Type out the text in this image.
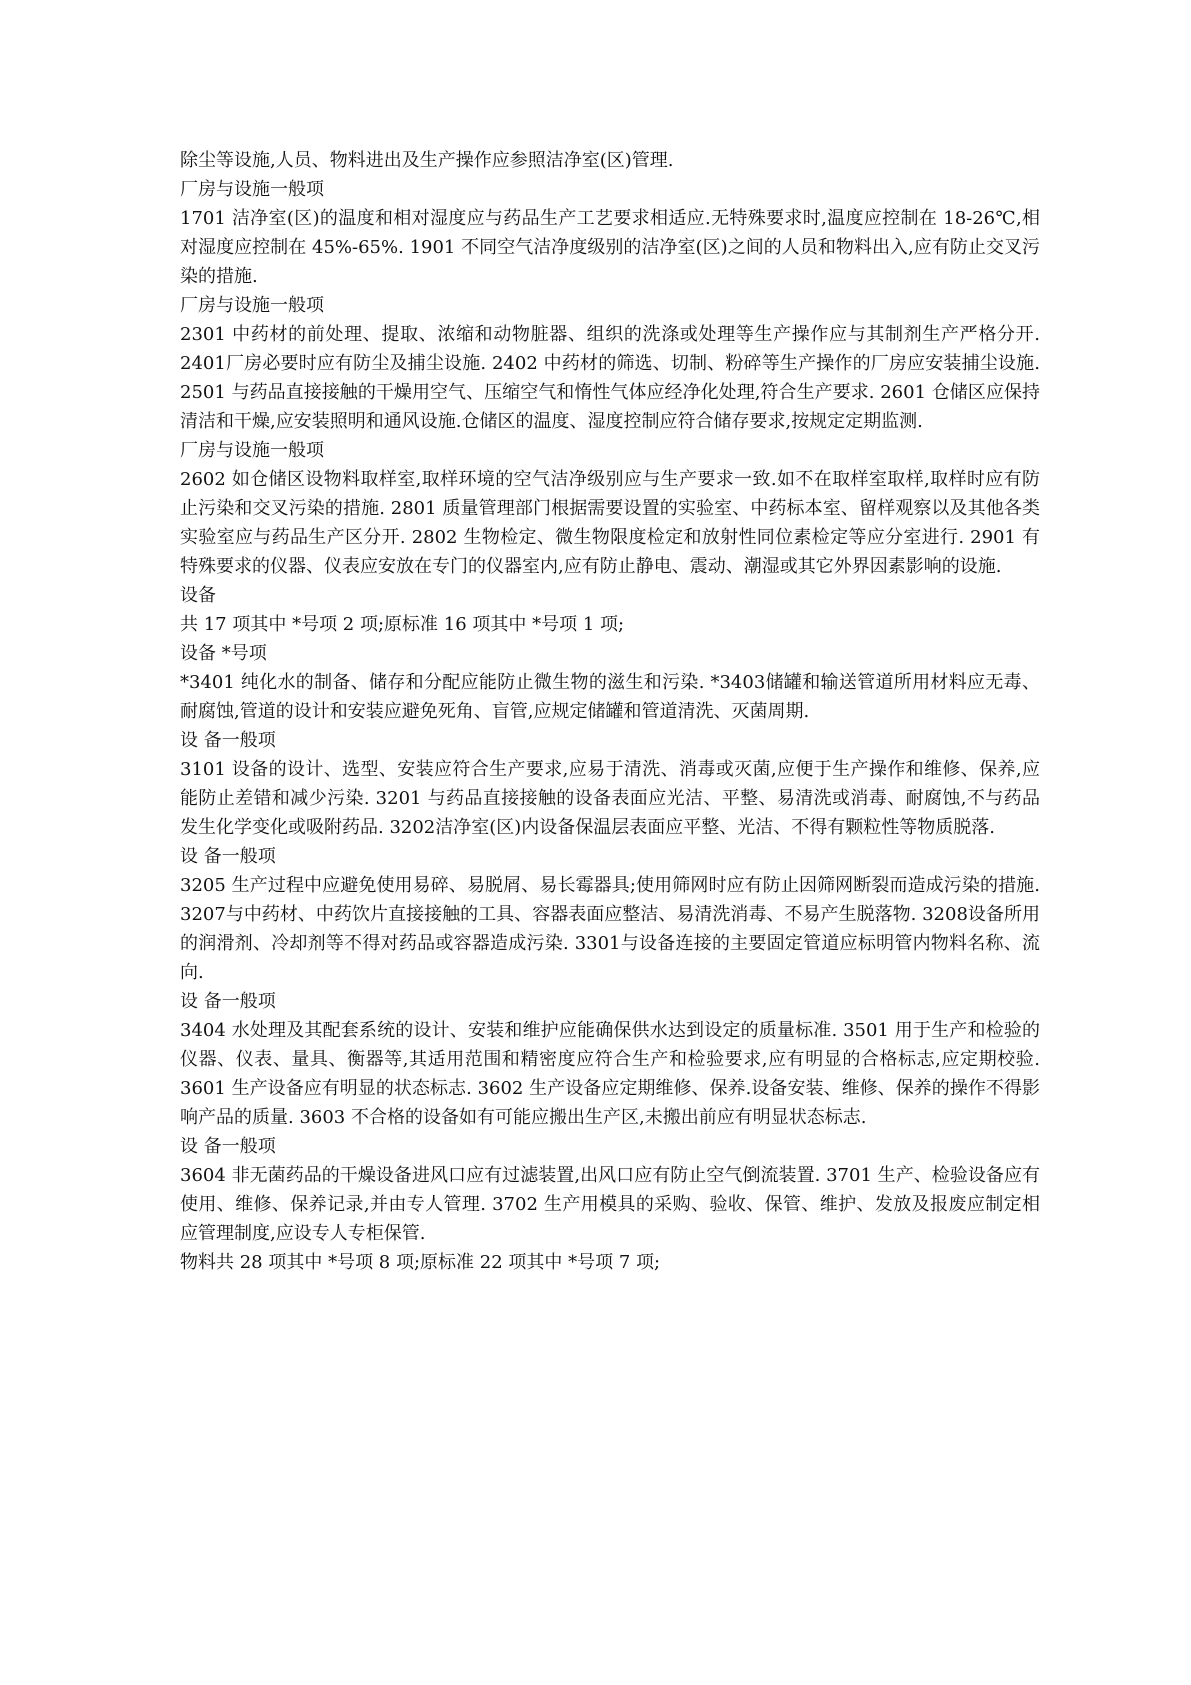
除尘等设施,人员、物料进出及生产操作应参照洁净室(区)管理.

厂房与设施一般项

1701 洁净室(区)的温度和相对湿度应与药品生产工艺要求相适应.无特殊要求时,温度应控制在 18-26℃,相对湿度应控制在 45%-65%. 1901 不同空气洁净度级别的洁净室(区)之间的人员和物料出入,应有防止交叉污染的措施.

厂房与设施一般项

2301 中药材的前处理、提取、浓缩和动物脏器、组织的洗涤或处理等生产操作应与其制剂生产严格分开. 2401厂房必要时应有防尘及捕尘设施. 2402 中药材的筛选、切制、粉碎等生产操作的厂房应安装捕尘设施. 2501 与药品直接接触的干燥用空气、压缩空气和惰性气体应经净化处理,符合生产要求. 2601 仓储区应保持清洁和干燥,应安装照明和通风设施.仓储区的温度、湿度控制应符合储存要求,按规定定期监测.

厂房与设施一般项

2602 如仓储区设物料取样室,取样环境的空气洁净级别应与生产要求一致.如不在取样室取样,取样时应有防止污染和交叉污染的措施. 2801 质量管理部门根据需要设置的实验室、中药标本室、留样观察以及其他各类实验室应与药品生产区分开. 2802 生物检定、微生物限度检定和放射性同位素检定等应分室进行. 2901 有特殊要求的仪器、仪表应安放在专门的仪器室内,应有防止静电、震动、潮湿或其它外界因素影响的设施.

设备

共 17 项其中 *号项 2 项;原标准 16 项其中 *号项 1 项;

设备 *号项

*3401 纯化水的制备、储存和分配应能防止微生物的滋生和污染. *3403储罐和输送管道所用材料应无毒、耐腐蚀,管道的设计和安装应避免死角、盲管,应规定储罐和管道清洗、灭菌周期.

设 备一般项

3101 设备的设计、选型、安装应符合生产要求,应易于清洗、消毒或灭菌,应便于生产操作和维修、保养,应能防止差错和减少污染. 3201 与药品直接接触的设备表面应光洁、平整、易清洗或消毒、耐腐蚀,不与药品发生化学变化或吸附药品. 3202洁净室(区)内设备保温层表面应平整、光洁、不得有颗粒性等物质脱落.

设 备一般项

3205 生产过程中应避免使用易碎、易脱屑、易长霉器具;使用筛网时应有防止因筛网断裂而造成污染的措施. 3207与中药材、中药饮片直接接触的工具、容器表面应整洁、易清洗消毒、不易产生脱落物. 3208设备所用的润滑剂、冷却剂等不得对药品或容器造成污染. 3301与设备连接的主要固定管道应标明管内物料名称、流向.

设 备一般项

3404 水处理及其配套系统的设计、安装和维护应能确保供水达到设定的质量标准. 3501 用于生产和检验的仪器、仪表、量具、衡器等,其适用范围和精密度应符合生产和检验要求,应有明显的合格标志,应定期校验. 3601 生产设备应有明显的状态标志. 3602 生产设备应定期维修、保养.设备安装、维修、保养的操作不得影响产品的质量. 3603 不合格的设备如有可能应搬出生产区,未搬出前应有明显状态标志.

设 备一般项

3604 非无菌药品的干燥设备进风口应有过滤装置,出风口应有防止空气倒流装置. 3701 生产、检验设备应有使用、维修、保养记录,并由专人管理. 3702 生产用模具的采购、验收、保管、维护、发放及报废应制定相应管理制度,应设专人专柜保管.

物料共 28 项其中 *号项 8 项;原标准 22 项其中 *号项 7 项;
